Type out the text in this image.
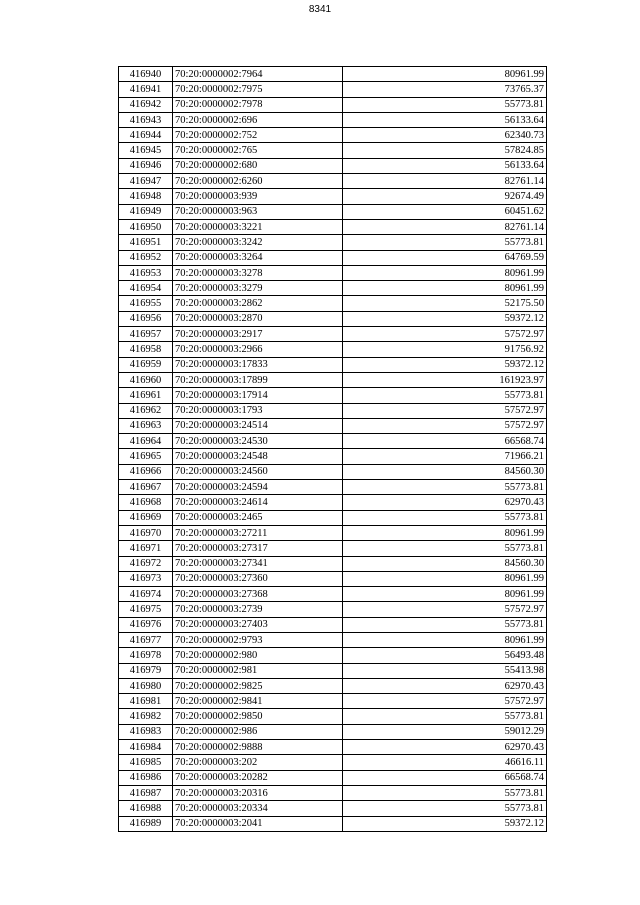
8341
416940	70:20:0000002:7964	80961.99
416941	70:20:0000002:7975	73765.37
416942	70:20:0000002:7978	55773.81
416943	70:20:0000002:696	56133.64
416944	70:20:0000002:752	62340.73
416945	70:20:0000002:765	57824.85
416946	70:20:0000002:680	56133.64
416947	70:20:0000002:6260	82761.14
416948	70:20:0000003:939	92674.49
416949	70:20:0000003:963	60451.62
416950	70:20:0000003:3221	82761.14
416951	70:20:0000003:3242	55773.81
416952	70:20:0000003:3264	64769.59
416953	70:20:0000003:3278	80961.99
416954	70:20:0000003:3279	80961.99
416955	70:20:0000003:2862	52175.50
416956	70:20:0000003:2870	59372.12
416957	70:20:0000003:2917	57572.97
416958	70:20:0000003:2966	91756.92
416959	70:20:0000003:17833	59372.12
416960	70:20:0000003:17899	161923.97
416961	70:20:0000003:17914	55773.81
416962	70:20:0000003:1793	57572.97
416963	70:20:0000003:24514	57572.97
416964	70:20:0000003:24530	66568.74
416965	70:20:0000003:24548	71966.21
416966	70:20:0000003:24560	84560.30
416967	70:20:0000003:24594	55773.81
416968	70:20:0000003:24614	62970.43
416969	70:20:0000003:2465	55773.81
416970	70:20:0000003:27211	80961.99
416971	70:20:0000003:27317	55773.81
416972	70:20:0000003:27341	84560.30
416973	70:20:0000003:27360	80961.99
416974	70:20:0000003:27368	80961.99
416975	70:20:0000003:2739	57572.97
416976	70:20:0000003:27403	55773.81
416977	70:20:0000002:9793	80961.99
416978	70:20:0000002:980	56493.48
416979	70:20:0000002:981	55413.98
416980	70:20:0000002:9825	62970.43
416981	70:20:0000002:9841	57572.97
416982	70:20:0000002:9850	55773.81
416983	70:20:0000002:986	59012.29
416984	70:20:0000002:9888	62970.43
416985	70:20:0000003:202	46616.11
416986	70:20:0000003:20282	66568.74
416987	70:20:0000003:20316	55773.81
416988	70:20:0000003:20334	55773.81
416989	70:20:0000003:2041	59372.12
